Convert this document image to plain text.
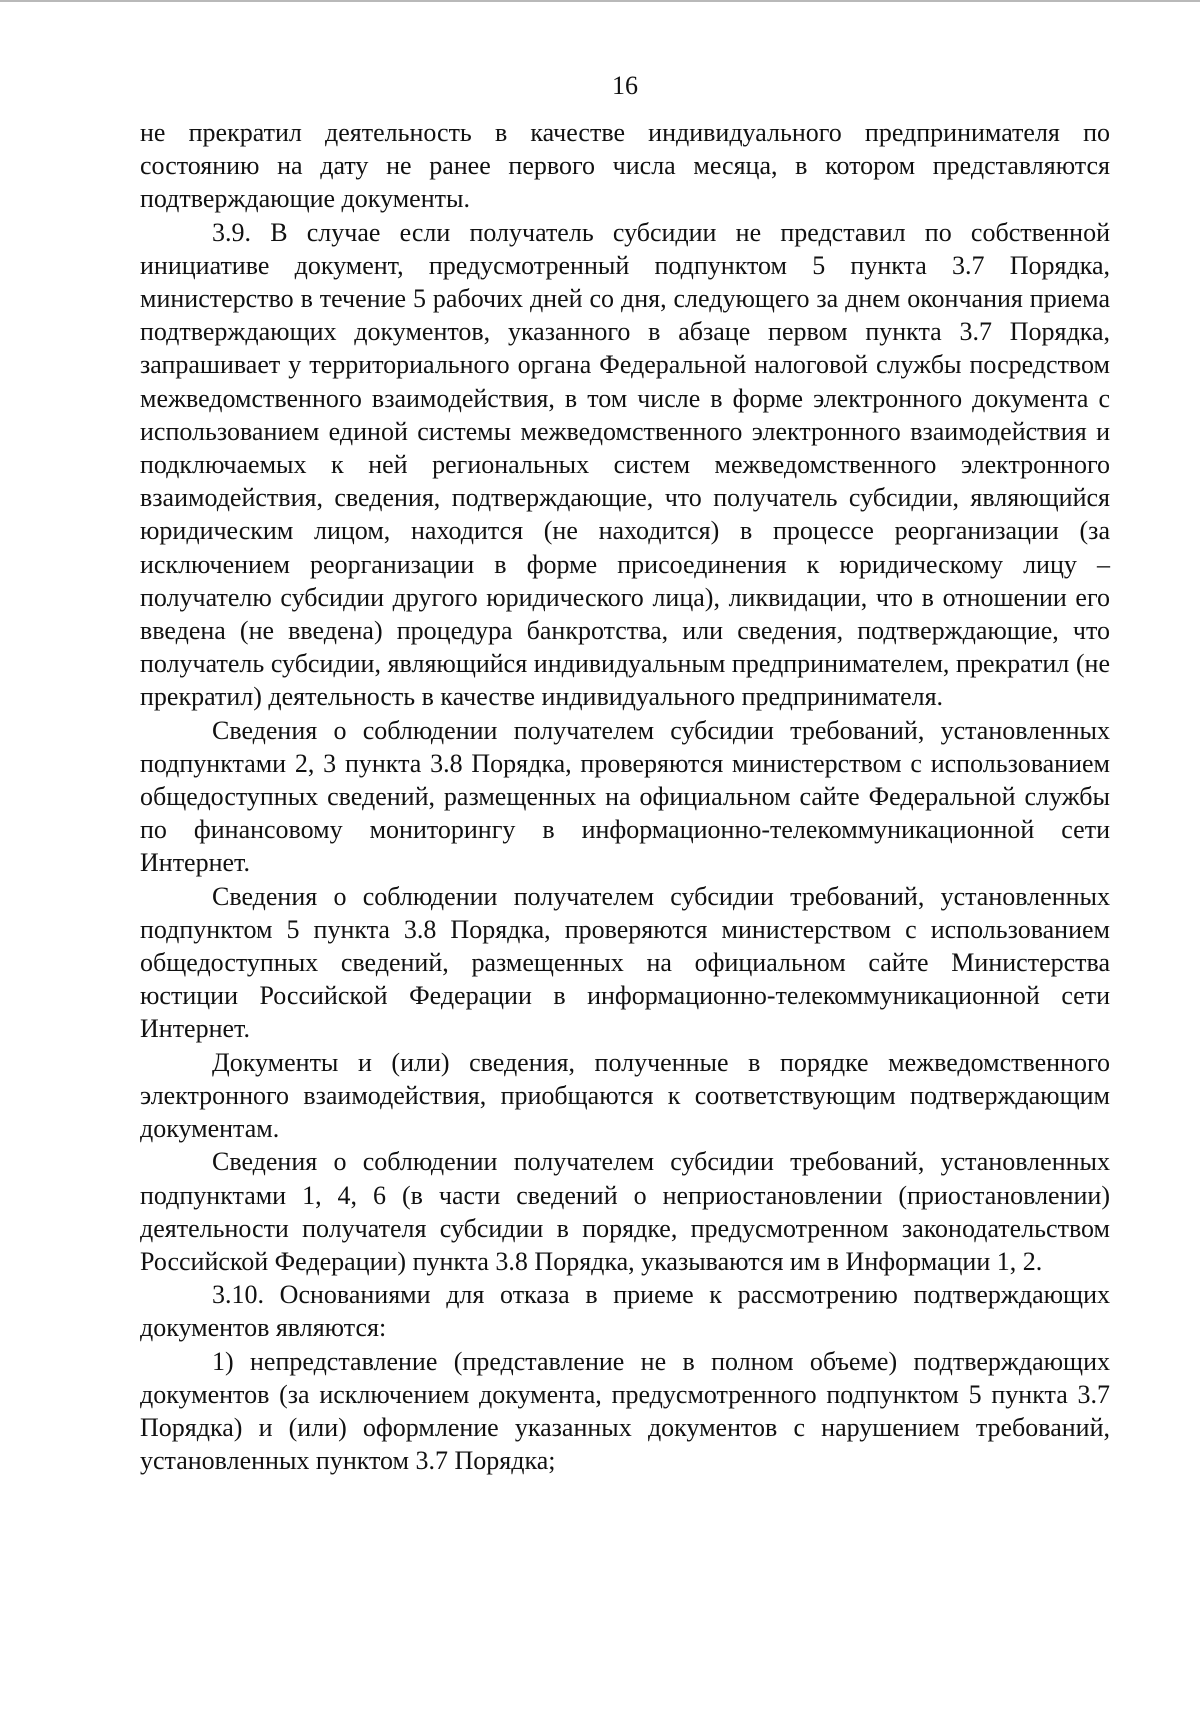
16

не прекратил деятельность в качестве индивидуального предпринимателя по состоянию на дату не ранее первого числа месяца, в котором представляются подтверждающие документы.

3.9. В случае если получатель субсидии не представил по собственной инициативе документ, предусмотренный подпунктом 5 пункта 3.7 Порядка, министерство в течение 5 рабочих дней со дня, следующего за днем окончания приема подтверждающих документов, указанного в абзаце первом пункта 3.7 Порядка, запрашивает у территориального органа Федеральной налоговой службы посредством межведомственного взаимодействия, в том числе в форме электронного документа с использованием единой системы межведомственного электронного взаимодействия и подключаемых к ней региональных систем межведомственного электронного взаимодействия, сведения, подтверждающие, что получатель субсидии, являющийся юридическим лицом, находится (не находится) в процессе реорганизации (за исключением реорганизации в форме присоединения к юридическому лицу – получателю субсидии другого юридического лица), ликвидации, что в отношении его введена (не введена) процедура банкротства, или сведения, подтверждающие, что получатель субсидии, являющийся индивидуальным предпринимателем, прекратил (не прекратил) деятельность в качестве индивидуального предпринимателя.

Сведения о соблюдении получателем субсидии требований, установленных подпунктами 2, 3 пункта 3.8 Порядка, проверяются министерством с использованием общедоступных сведений, размещенных на официальном сайте Федеральной службы по финансовому мониторингу в информационно-телекоммуникационной сети Интернет.

Сведения о соблюдении получателем субсидии требований, установленных подпунктом 5 пункта 3.8 Порядка, проверяются министерством с использованием общедоступных сведений, размещенных на официальном сайте Министерства юстиции Российской Федерации в информационно-телекоммуникационной сети Интернет.

Документы и (или) сведения, полученные в порядке межведомственного электронного взаимодействия, приобщаются к соответствующим подтверждающим документам.

Сведения о соблюдении получателем субсидии требований, установленных подпунктами 1, 4, 6 (в части сведений о неприостановлении (приостановлении) деятельности получателя субсидии в порядке, предусмотренном законодательством Российской Федерации) пункта 3.8 Порядка, указываются им в Информации 1, 2.

3.10. Основаниями для отказа в приеме к рассмотрению подтверждающих документов являются:

1) непредставление (представление не в полном объеме) подтверждающих документов (за исключением документа, предусмотренного подпунктом 5 пункта 3.7 Порядка) и (или) оформление указанных документов с нарушением требований, установленных пунктом 3.7 Порядка;
